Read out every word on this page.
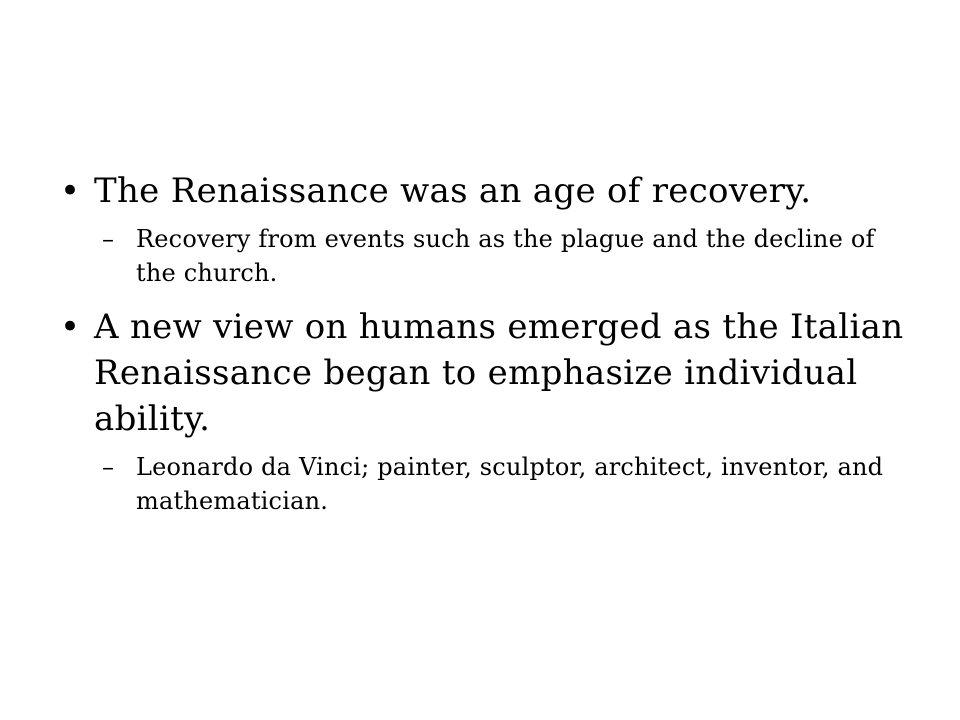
• The Renaissance was an age of recovery.
– Recovery from events such as the plague and the decline of the church.
• A new view on humans emerged as the Italian Renaissance began to emphasize individual ability.
– Leonardo da Vinci; painter, sculptor, architect, inventor, and mathematician.
